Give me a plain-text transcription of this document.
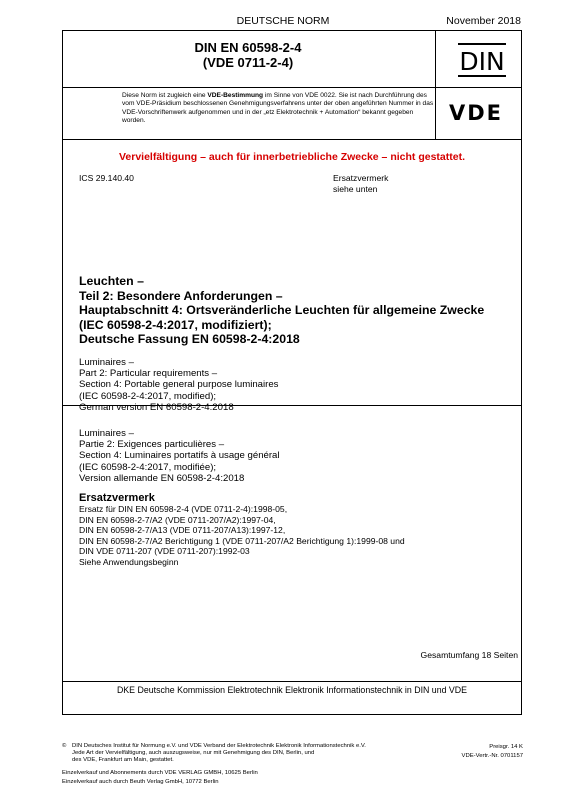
DEUTSCHE NORM	November 2018
DIN EN 60598-2-4
(VDE 0711-2-4)	DIN
Diese Norm ist zugleich eine VDE-Bestimmung im Sinne von VDE 0022. Sie ist nach Durchführung des vom VDE-Präsidium beschlossenen Genehmigungsverfahrens unter der oben angeführten Nummer in das VDE-Vorschriftenwerk aufgenommen und in der „etz Elektrotechnik + Automation“ bekannt gegeben worden.	VDE
Vervielfältigung – auch für innerbetriebliche Zwecke – nicht gestattet.
ICS 29.140.40	Ersatzvermerk
siehe unten
Leuchten –
Teil 2: Besondere Anforderungen –
Hauptabschnitt 4: Ortsveränderliche Leuchten für allgemeine Zwecke
(IEC 60598-2-4:2017, modifiziert);
Deutsche Fassung EN 60598-2-4:2018
Luminaires –
Part 2: Particular requirements –
Section 4: Portable general purpose luminaires
(IEC 60598-2-4:2017, modified);
German version EN 60598-2-4:2018
Luminaires –
Partie 2: Exigences particulières –
Section 4: Luminaires portatifs à usage général
(IEC 60598-2-4:2017, modifiée);
Version allemande EN 60598-2-4:2018
Ersatzvermerk
Ersatz für DIN EN 60598-2-4 (VDE 0711-2-4):1998-05,
DIN EN 60598-2-7/A2 (VDE 0711-207/A2):1997-04,
DIN EN 60598-2-7/A13 (VDE 0711-207/A13):1997-12,
DIN EN 60598-2-7/A2 Berichtigung 1 (VDE 0711-207/A2 Berichtigung 1):1999-08 und
DIN VDE 0711-207 (VDE 0711-207):1992-03
Siehe Anwendungsbeginn
Gesamtumfang 18 Seiten
DKE Deutsche Kommission Elektrotechnik Elektronik Informationstechnik in DIN und VDE
© DIN Deutsches Institut für Normung e.V. und VDE Verband der Elektrotechnik Elektronik Informationstechnik e.V.
Jede Art der Vervielfältigung, auch auszugsweise, nur mit Genehmigung des DIN, Berlin, und
des VDE, Frankfurt am Main, gestattet.
Preisgr. 14 K
VDE-Vertr.-Nr. 0701157
Einzelverkauf und Abonnements durch VDE VERLAG GMBH, 10625 Berlin
Einzelverkauf auch durch Beuth Verlag GmbH, 10772 Berlin
